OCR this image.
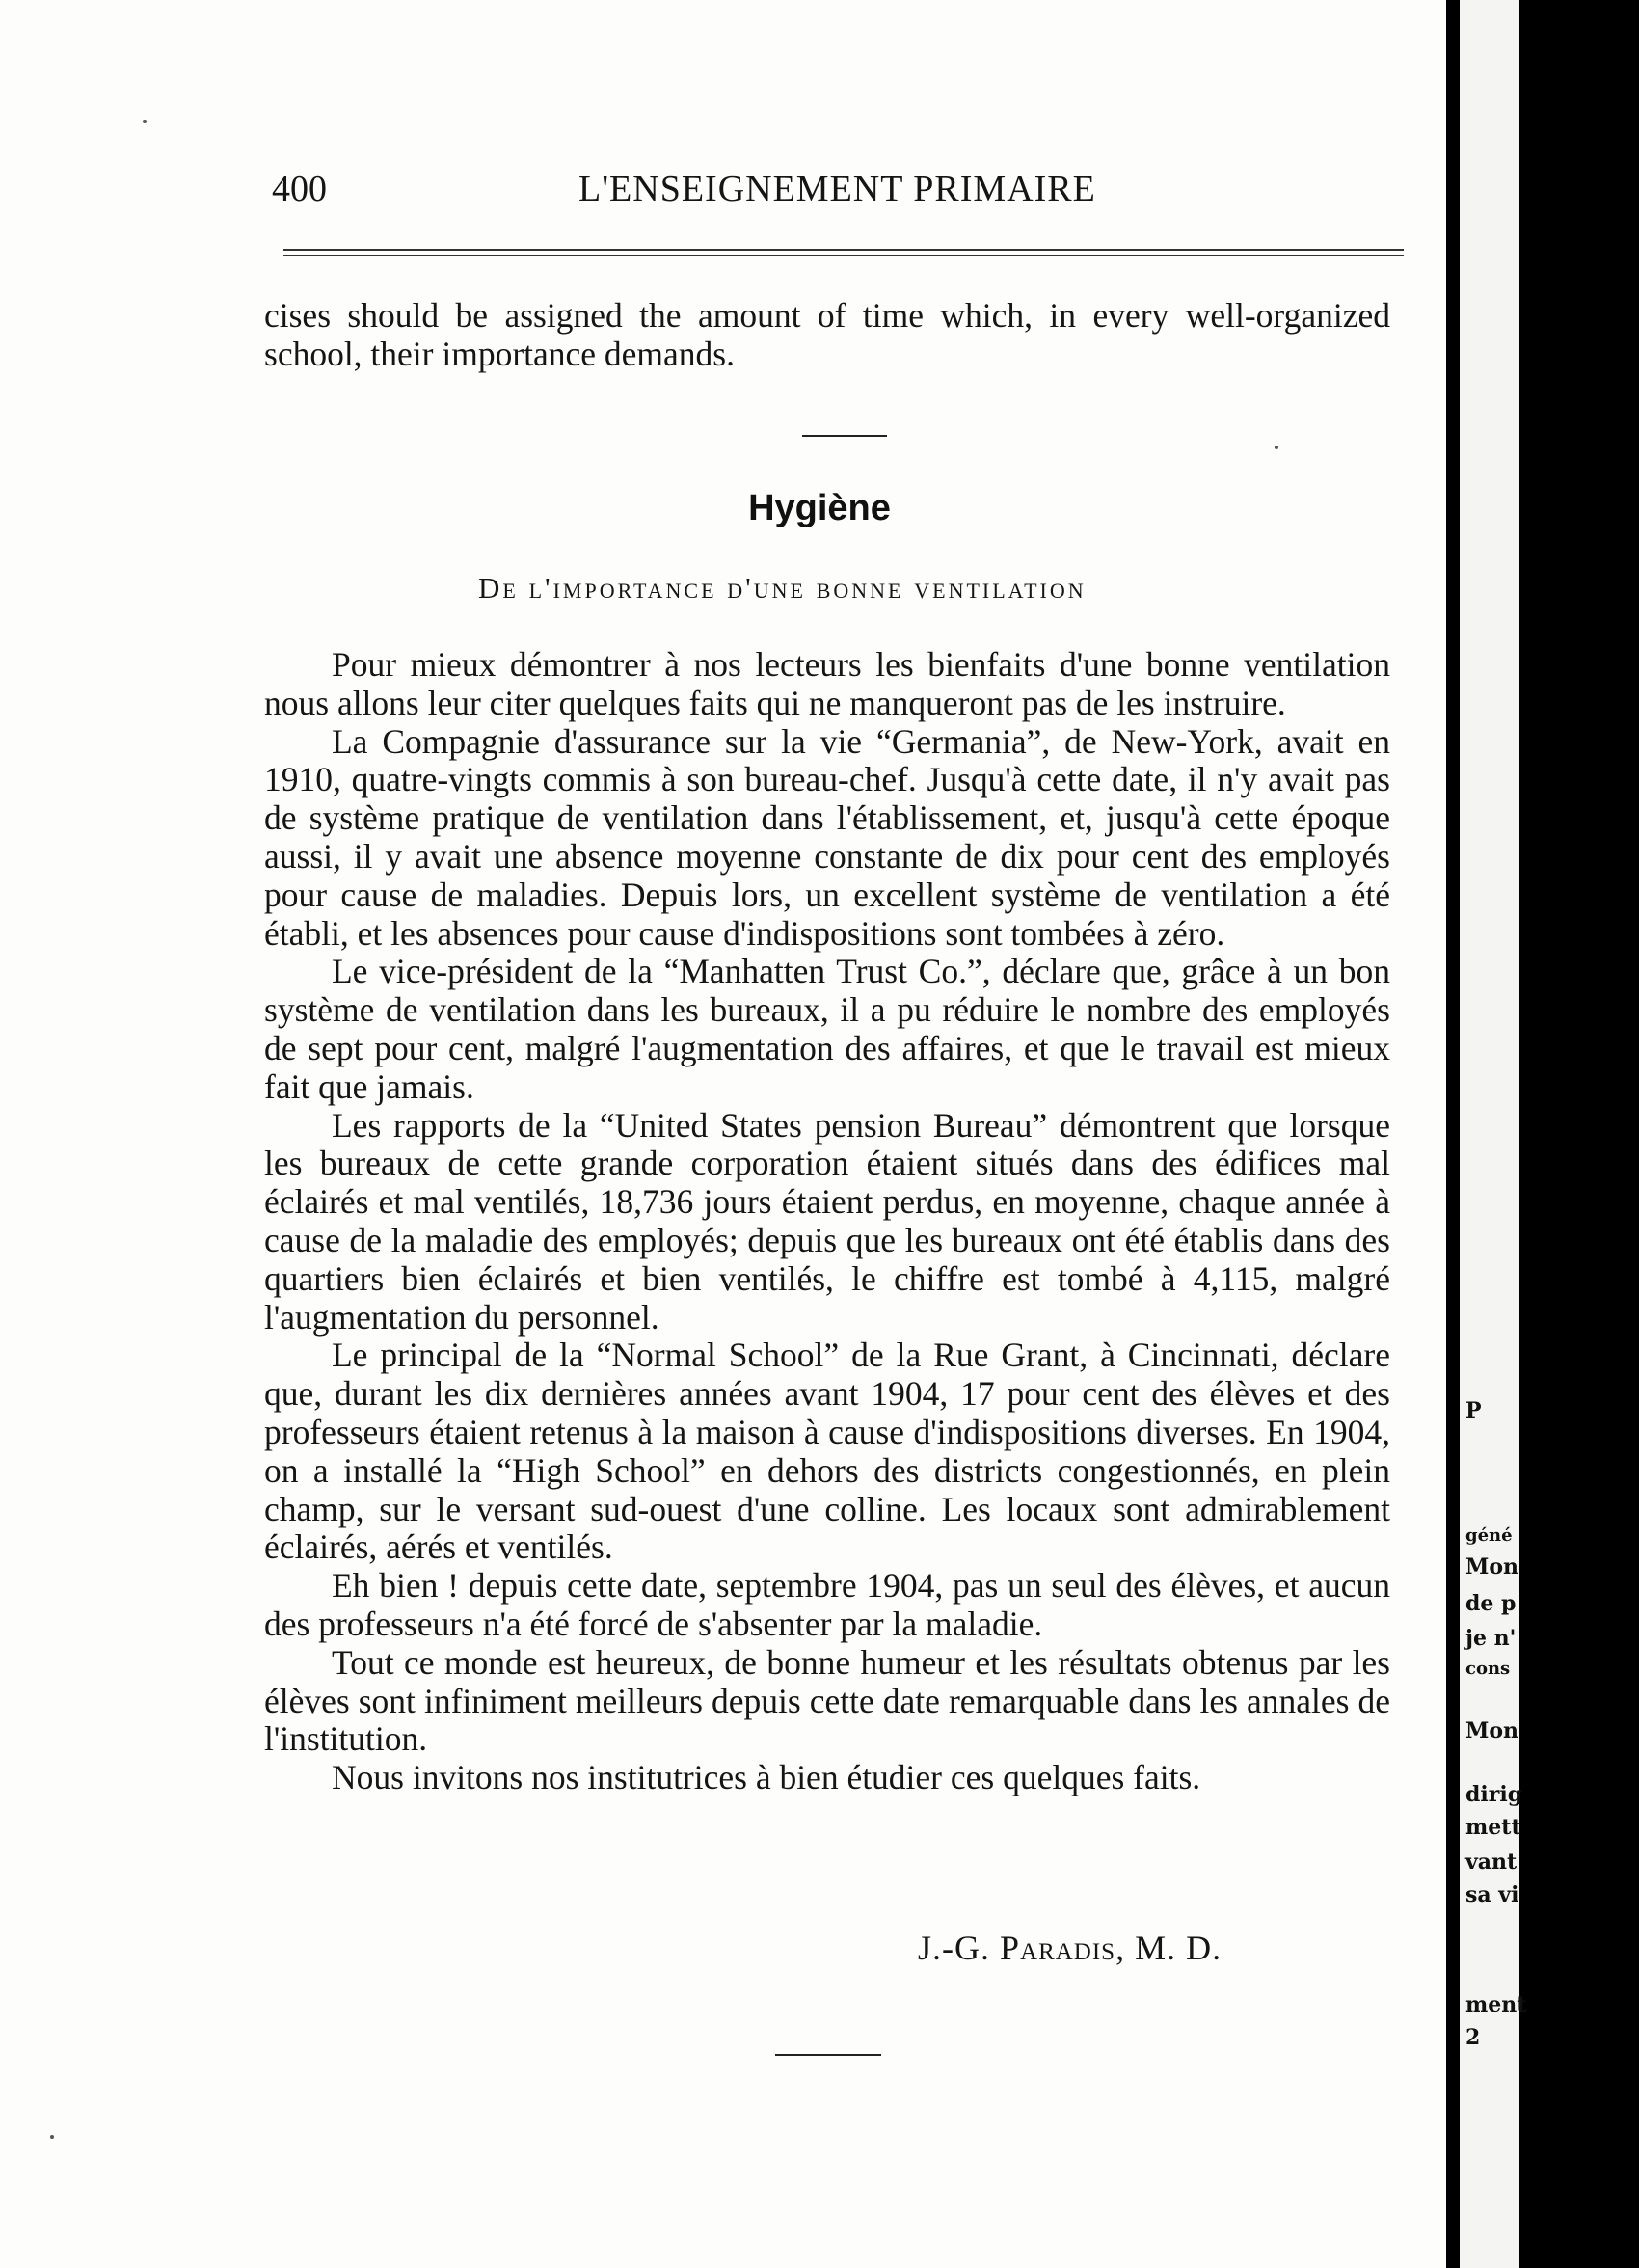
400	L'ENSEIGNEMENT PRIMAIRE

cises should be assigned the amount of time which, in every well-organized school, their importance demands.

Hygiène
De l'importance d'une bonne ventilation

Pour mieux démontrer à nos lecteurs les bienfaits d'une bonne ventilation nous allons leur citer quelques faits qui ne manqueront pas de les instruire.

La Compagnie d'assurance sur la vie “Germania”, de New-York, avait en 1910, quatre-vingts commis à son bureau-chef. Jusqu'à cette date, il n'y avait pas de système pratique de ventilation dans l'établissement, et, jusqu'à cette époque aussi, il y avait une absence moyenne constante de dix pour cent des employés pour cause de maladies. Depuis lors, un excellent système de ventilation a été établi, et les absences pour cause d'indispositions sont tombées à zéro.

Le vice-président de la “Manhatten Trust Co.”, déclare que, grâce à un bon système de ventilation dans les bureaux, il a pu réduire le nombre des employés de sept pour cent, malgré l'augmentation des affaires, et que le travail est mieux fait que jamais.

Les rapports de la “United States pension Bureau” démontrent que lorsque les bureaux de cette grande corporation étaient situés dans des édifices mal éclairés et mal ventilés, 18,736 jours étaient perdus, en moyenne, chaque année à cause de la maladie des employés; depuis que les bureaux ont été établis dans des quartiers bien éclairés et bien ventilés, le chiffre est tombé à 4,115, malgré l'augmentation du personnel.

Le principal de la “Normal School” de la Rue Grant, à Cincinnati, déclare que, durant les dix dernières années avant 1904, 17 pour cent des élèves et des professeurs étaient retenus à la maison à cause d'indispositions diverses. En 1904, on a installé la “High School” en dehors des districts congestionnés, en plein champ, sur le versant sud-ouest d'une colline. Les locaux sont admirablement éclairés, aérés et ventilés.

Eh bien ! depuis cette date, septembre 1904, pas un seul des élèves, et aucun des professeurs n'a été forcé de s'absenter par la maladie.

Tout ce monde est heureux, de bonne humeur et les résultats obtenus par les élèves sont infiniment meilleurs depuis cette date remarquable dans les annales de l'institution.

Nous invitons nos institutrices à bien étudier ces quelques faits.

J.-G. Paradis, M. D.
P
géné
Mon
de p
je n'
cons
Mon
dirig
mett
vant
sa vi
ment
2
